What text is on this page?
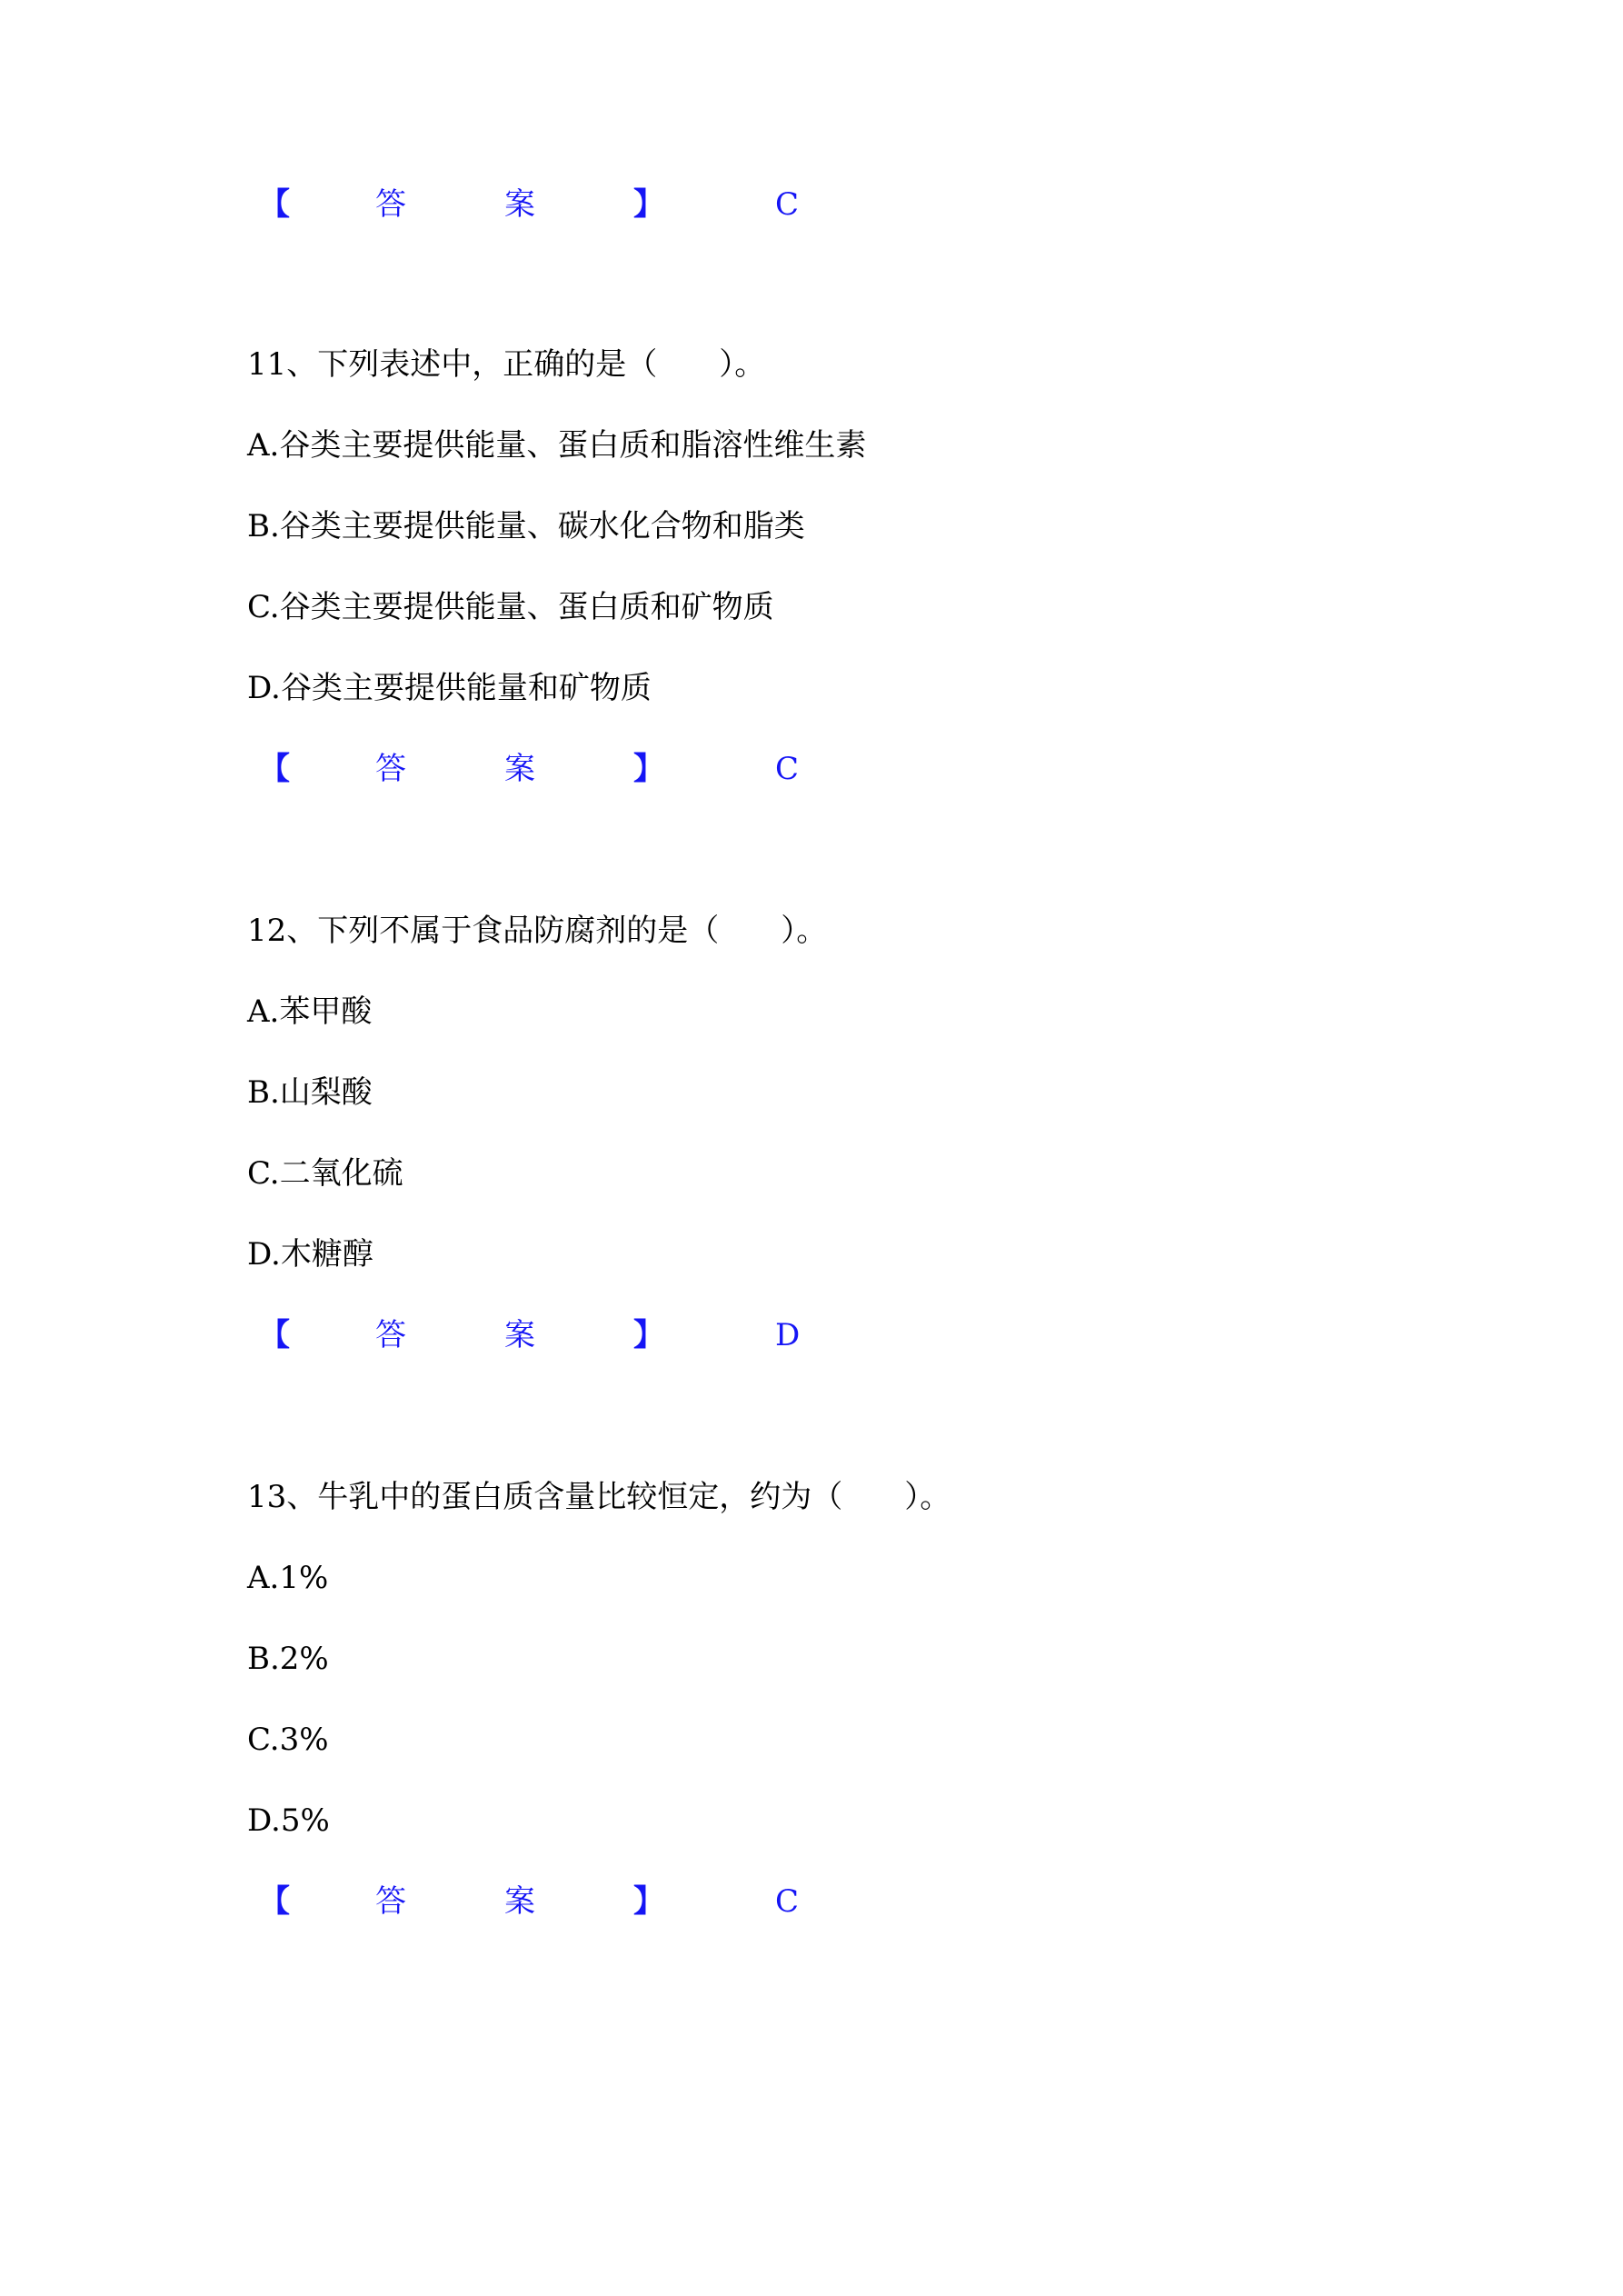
【	答	案	】	C
11、下列表述中，正确的是（　　）。
A.谷类主要提供能量、蛋白质和脂溶性维生素
B.谷类主要提供能量、碳水化合物和脂类
C.谷类主要提供能量、蛋白质和矿物质
D.谷类主要提供能量和矿物质
【	答	案	】	C
12、下列不属于食品防腐剂的是（　　）。
A.苯甲酸
B.山梨酸
C.二氧化硫
D.木糖醇
【	答	案	】	D
13、牛乳中的蛋白质含量比较恒定，约为（　　）。
A.1%
B.2%
C.3%
D.5%
【	答	案	】	C
